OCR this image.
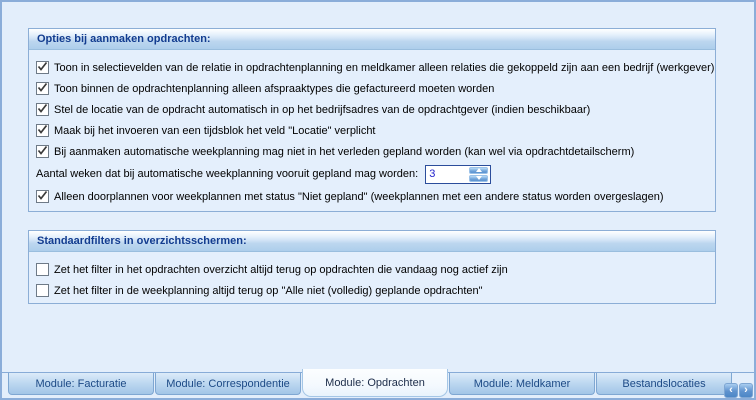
Opties bij aanmaken opdrachten:
Toon in selectievelden van de relatie in opdrachtenplanning en meldkamer alleen relaties die gekoppeld zijn aan een bedrijf (werkgever)
Toon binnen de opdrachtenplanning alleen afspraaktypes die gefactureerd moeten worden
Stel de locatie van de opdracht automatisch in op het bedrijfsadres van de opdrachtgever (indien beschikbaar)
Maak bij het invoeren van een tijdsblok het veld "Locatie" verplicht
Bij aanmaken automatische weekplanning mag niet in het verleden gepland worden (kan wel via opdrachtdetailscherm)
Aantal weken dat bij automatische weekplanning vooruit gepland mag worden: 3
Alleen doorplannen voor weekplannen met status "Niet gepland" (weekplannen met een andere status worden overgeslagen)
Standaardfilters in overzichtsschermen:
Zet het filter in het opdrachten overzicht altijd terug op opdrachten die vandaag nog actief zijn
Zet het filter in de weekplanning altijd terug op "Alle niet (volledig) geplande opdrachten"
Module: Facturatie	Module: Correspondentie	Module: Opdrachten	Module: Meldkamer	Bestandslocaties
‹ ›
